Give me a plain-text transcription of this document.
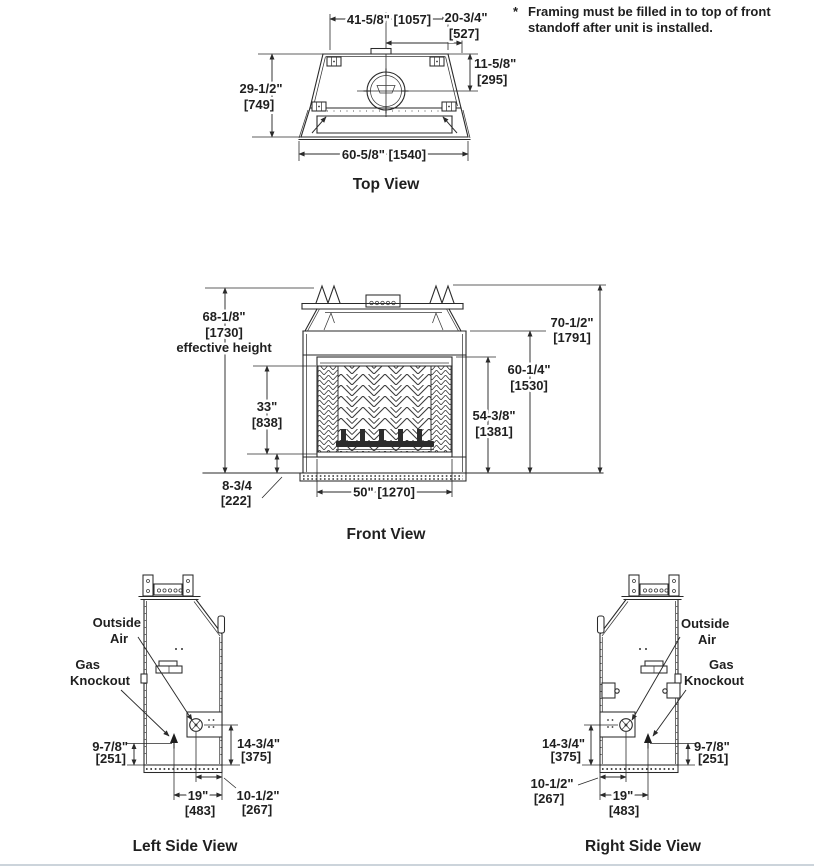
* Framing must be filled in to top of front
standoff after unit is installed.
41-5/8" [1057] 20-3/4"
[527]
11-5/8"
[295]
29-1/2"
[749]
60-5/8" [1540]
Top View
68-1/8"
[1730]
effective height
33"
[838]
8-3/4
[222]
50" [1270]
54-3/8"
[1381]
60-1/4"
[1530]
70-1/2"
[1791]
Front View
Outside
Air
Gas
Knockout
9-7/8"
[251]
14-3/4"
[375]
19"
[483]
10-1/2"
[267]
Left Side View
Outside
Air
Gas
Knockout
9-7/8"
[251]
14-3/4"
[375]
19"
[483]
10-1/2"
[267]
Right Side View
